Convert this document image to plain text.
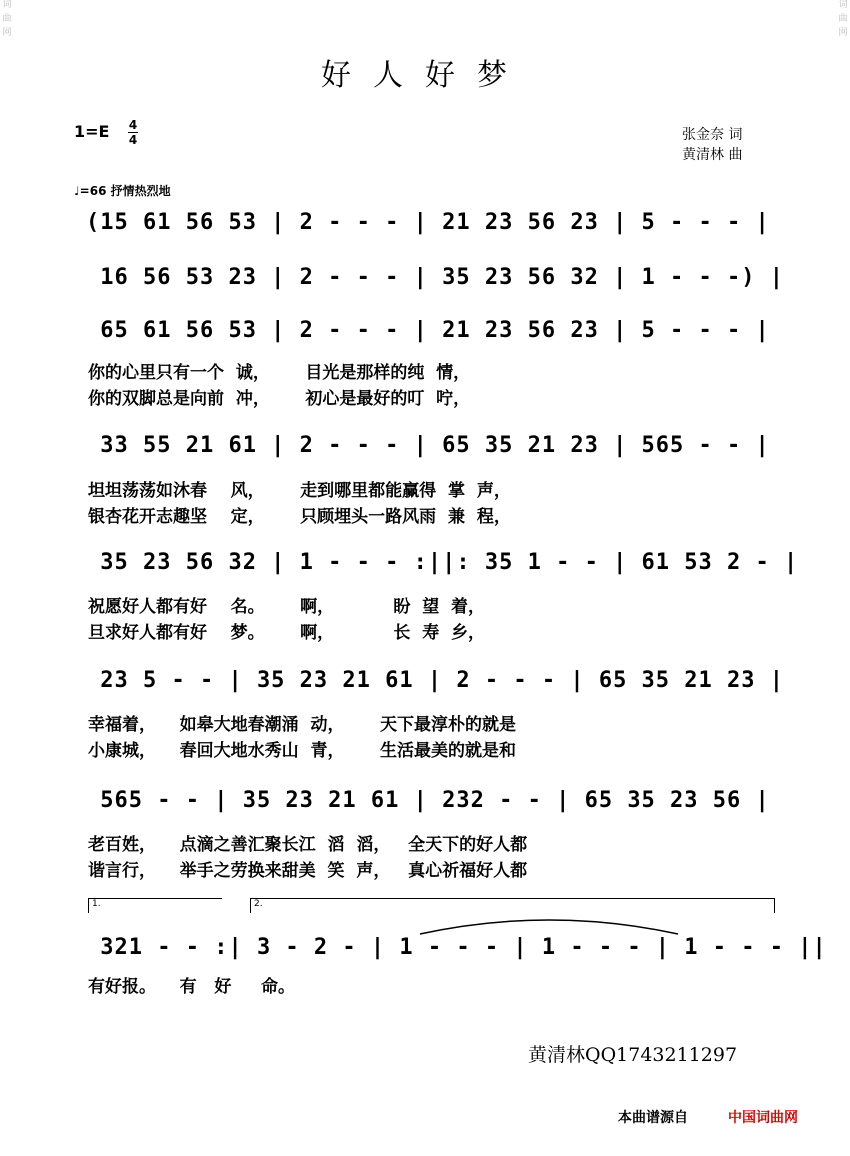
词
曲
网
词
曲
网
好人好梦
1=E 4
4	张金奈 词
黄清林 曲
♩=66 抒情热烈地
(15 61 56 53 | 2 - - - | 21 23 56 23 | 5 - - - |
16 56 53 23 | 2 - - - | 35 23 56 32 | 1 - - -) |
65 61 56 53 | 2 - - - | 21 23 56 23 | 5 - - - |
你的心里只有一个  诚，      目光是那样的纯  情，
你的双脚总是向前  冲，      初心是最好的叮  咛，
33 55 21 61 | 2 - - - | 65 35 21 23 | 565 - - |
坦坦荡荡如沐春    风，      走到哪里都能赢得  掌  声，
银杏花开志趣坚    定，      只顾埋头一路风雨  兼  程，
35 23 56 32 | 1 - - - :||: 35 1 - - | 61 53 2 - |
祝愿好人都有好    名。      啊，          盼  望  着，
旦求好人都有好    梦。      啊，          长  寿  乡，
23 5 - - | 35 23 21 61 | 2 - - - | 65 35 21 23 |
幸福着，    如皋大地春潮涌  动，      天下最淳朴的就是
小康城，    春回大地水秀山  青，      生活最美的就是和
565 - - | 35 23 21 61 | 232 - - | 65 35 23 56 |
老百姓，    点滴之善汇聚长江  滔  滔，   全天下的好人都
谐言行，    举手之劳换来甜美  笑  声，   真心祈福好人都
1.	2.
321 - - :| 3 - 2 - | 1 - - - | 1 - - - | 1 - - - ||
有好报。    有   好     命。
黄清林QQ1743211297
本曲谱源自	中国词曲网
